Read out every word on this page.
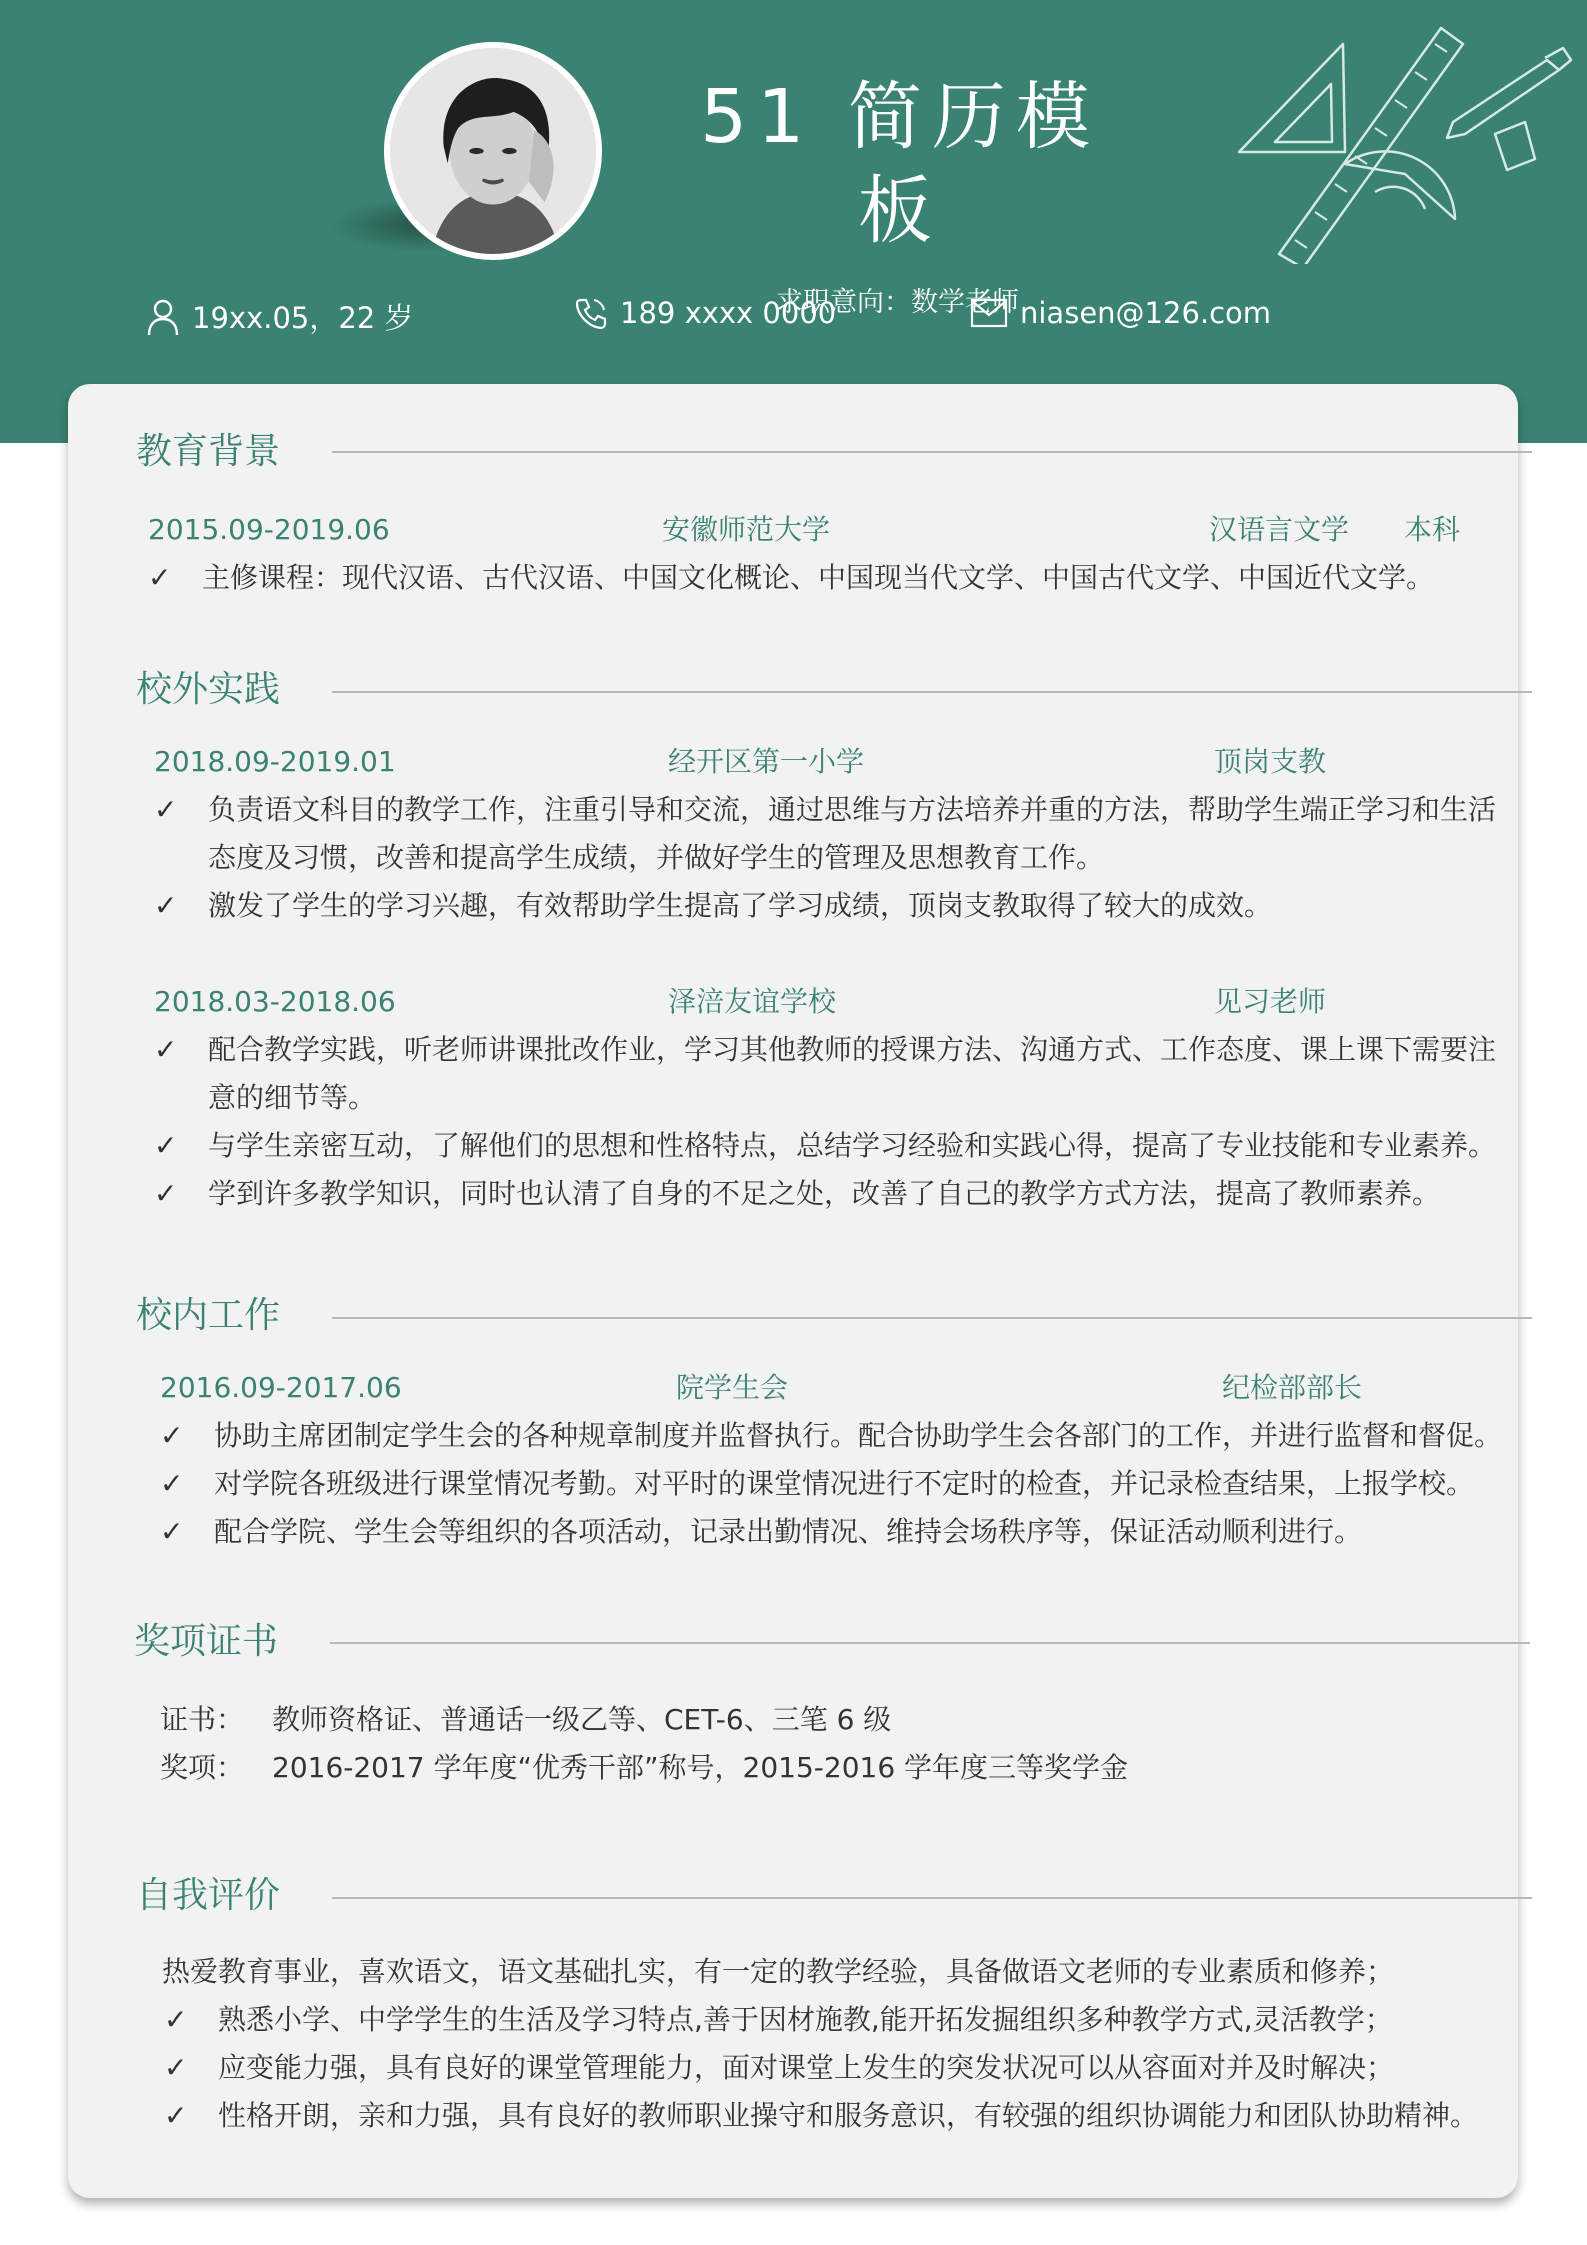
51 简历模板
求职意向：数学老师
19xx.05，22 岁	189 xxxx 0000	niasen@126.com
教育背景
2015.09-2019.06	安徽师范大学	汉语言文学 本科
✓ 主修课程：现代汉语、古代汉语、中国文化概论、中国现当代文学、中国古代文学、中国近代文学。
校外实践
2018.09-2019.01	经开区第一小学	顶岗支教
✓ 负责语文科目的教学工作，注重引导和交流，通过思维与方法培养并重的方法，帮助学生端正学习和生活
态度及习惯，改善和提高学生成绩，并做好学生的管理及思想教育工作。
✓ 激发了学生的学习兴趣，有效帮助学生提高了学习成绩，顶岗支教取得了较大的成效。
2018.03-2018.06	泽涪友谊学校	见习老师
✓ 配合教学实践，听老师讲课批改作业，学习其他教师的授课方法、沟通方式、工作态度、课上课下需要注
意的细节等。
✓ 与学生亲密互动，了解他们的思想和性格特点，总结学习经验和实践心得，提高了专业技能和专业素养。
✓ 学到许多教学知识，同时也认清了自身的不足之处，改善了自己的教学方式方法，提高了教师素养。
校内工作
2016.09-2017.06	院学生会	纪检部部长
✓ 协助主席团制定学生会的各种规章制度并监督执行。配合协助学生会各部门的工作，并进行监督和督促。
✓ 对学院各班级进行课堂情况考勤。对平时的课堂情况进行不定时的检查，并记录检查结果，上报学校。
✓ 配合学院、学生会等组织的各项活动，记录出勤情况、维持会场秩序等，保证活动顺利进行。
奖项证书
证书： 教师资格证、普通话一级乙等、CET-6、三笔 6 级
奖项： 2016-2017 学年度“优秀干部”称号，2015-2016 学年度三等奖学金
自我评价
热爱教育事业，喜欢语文，语文基础扎实，有一定的教学经验，具备做语文老师的专业素质和修养；
✓ 熟悉小学、中学学生的生活及学习特点,善于因材施教,能开拓发掘组织多种教学方式,灵活教学；
✓ 应变能力强，具有良好的课堂管理能力，面对课堂上发生的突发状况可以从容面对并及时解决；
✓ 性格开朗，亲和力强，具有良好的教师职业操守和服务意识，有较强的组织协调能力和团队协助精神。
